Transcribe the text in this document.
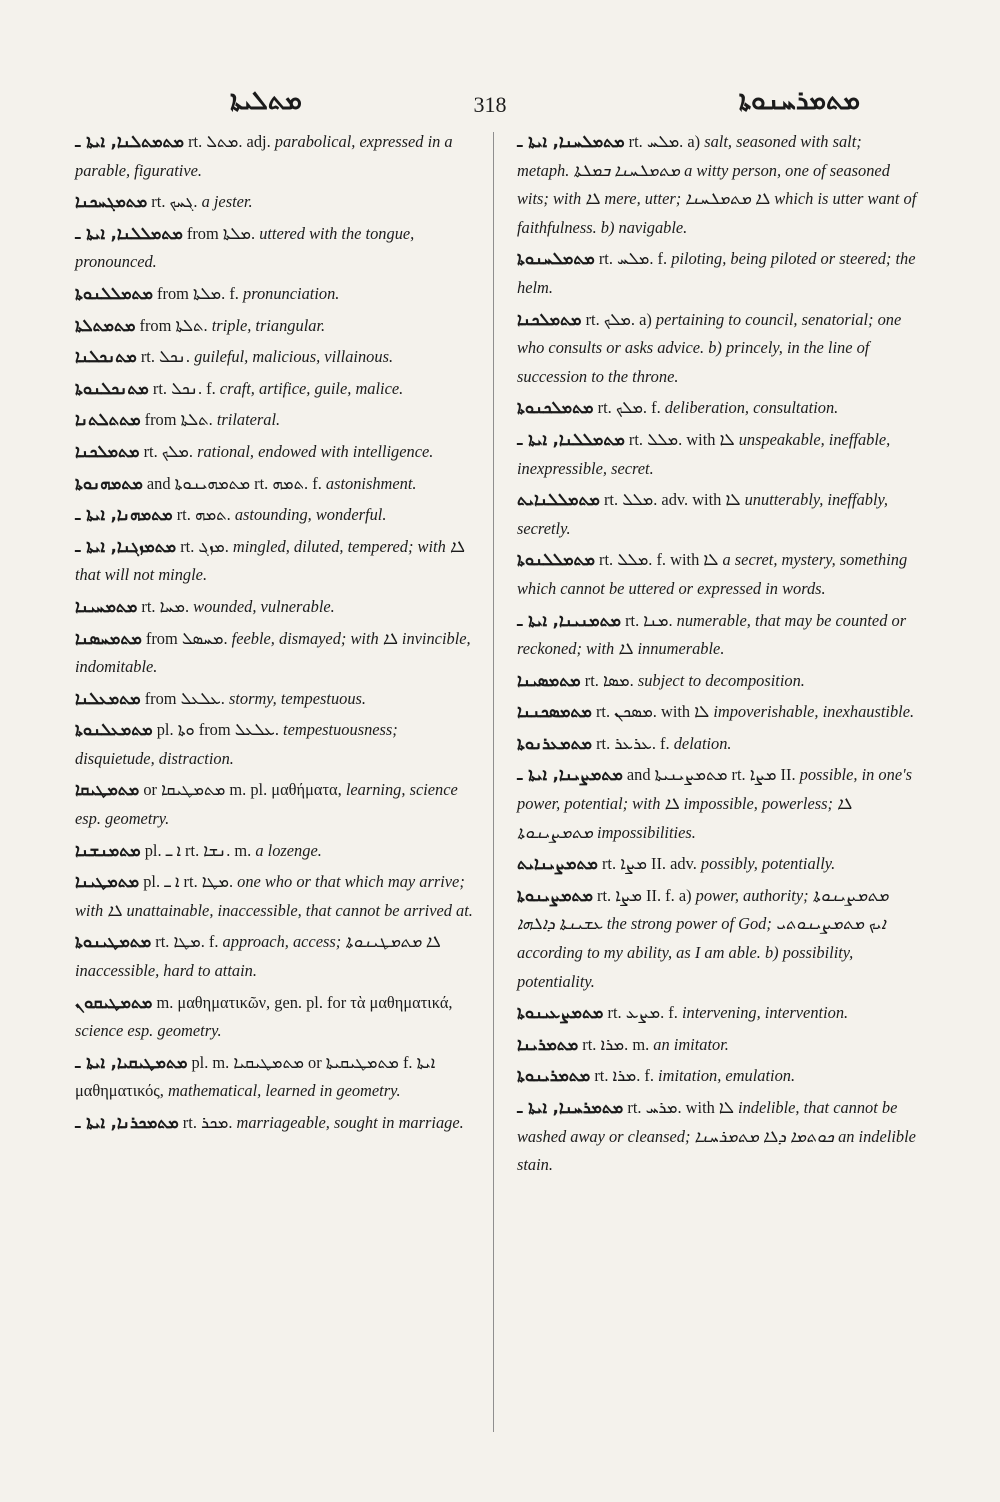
ܡܬܠܝܬܐ	318	ܡܬܡܪܚܢܘܬܐ

ܡܬܡܬܠܢܐ, ܐܝܬܐ ـ rt. ܡܬܠ. adj. parabolical, expressed in a parable, figurative.

ܡܬܡܓܚܟܢܐ rt. ܓܚܟ. a jester.

ܡܬܡܠܠܢܐ, ܐܝܬܐ ـ from ܡܠܬܐ. uttered with the tongue, pronounced.

ܡܬܡܠܠܢܘܬܐ from ܡܠܬܐ. f. pronunciation.

ܡܬܡܬܠܬܐ from ܬܠܬܐ. triple, triangular.

ܡܬܢܟܠܢܐ rt. ܢܟܠ. guileful, malicious, villainous.

ܡܬܢܟܠܢܘܬܐ rt. ܢܟܠ. f. craft, artifice, guile, malice.

ܡܬܬܠܬܢܐ from ܬܠܬܐ. trilateral.

ܡܬܡܠܟܢܐ rt. ܡܠܟ. rational, endowed with intelligence.

ܡܬܡܗܢܘܬܐ and ܡܬܡܗܝܢܘܬܐ rt. ܬܡܗ. f. astonishment.

ܡܬܡܗܢܐ, ܐܝܬܐ ـ rt. ܬܡܗ. astounding, wonderful.

ܡܬܡܙܓܢܐ, ܐܝܬܐ ـ rt. ܡܙܓ. mingled, diluted, tempered; with ܠܐ that will not mingle.

ܡܬܡܚܝܢܐ rt. ܡܚܐ. wounded, vulnerable.

ܡܬܡܚܣܢܐ from ܡܚܣܠ. feeble, dismayed; with ܠܐ invincible, indomitable.

ܡܬܡܥܠܢܐ from ܥܠܥܠ. stormy, tempestuous.

ܡܬܡܥܠܢܘܬܐ pl. ܘܬܐ from ܥܠܥܠ. tempestuousness; disquietude, distraction.

ܡܬܡܛܝܩܐ or ܡܬܡܛܝܩܐ m. pl. μαθήματα, learning, science esp. geometry.

ܡܬܡܢܫܢܐ pl. ܐ ـ rt. ܢܫܐ. m. a lozenge.

ܡܬܡܛܝܢܐ pl. ܐ ـ rt. ܡܛܐ. one who or that which may arrive; with ܠܐ unattainable, inaccessible, that cannot be arrived at.

ܡܬܡܛܝܢܘܬܐ rt. ܡܛܐ. f. approach, access; ܠܐ ܡܬܡܛܝܢܘܬܐ inaccessible, hard to attain.

ܡܬܡܛܝܩܘܢ m. μαθηματικῶν, gen. pl. for τὰ μαθηματικά, science esp. geometry.

ܡܬܡܛܝܩܝܐ, ܐܝܬܐ ـ pl. m. ܡܬܡܛܝܩܝܐ or ܡܬܡܛܝܩܝܬܐ f. ܐܝܬܐ μαθηματικός, mathematical, learned in geometry.

ܡܬܡܟܪܢܐ, ܐܝܬܐ ـ rt. ܡܟܪ. marriageable, sought in marriage.

ܡܬܡܠܚܢܐ, ܐܝܬܐ ـ rt. ܡܠܚ. a) salt, seasoned with salt; metaph. ܡܬܡܠܚܢܐ ܒܡܠܬܐ a witty person, one of seasoned wits; with ܠܐ mere, utter; ܠܐ ܡܬܡܠܚܢܐ which is utter want of faithfulness. b) navigable.

ܡܬܡܠܚܢܘܬܐ rt. ܡܠܚ. f. piloting, being piloted or steered; the helm.

ܡܬܡܠܟܢܐ rt. ܡܠܟ. a) pertaining to council, senatorial; one who consults or asks advice. b) princely, in the line of succession to the throne.

ܡܬܡܠܟܢܘܬܐ rt. ܡܠܟ. f. deliberation, consultation.

ܡܬܡܠܠܢܐ, ܐܝܬܐ ـ rt. ܡܠܠ. with ܠܐ unspeakable, ineffable, inexpressible, secret.

ܡܬܡܠܠܢܐܝܬ rt. ܡܠܠ. adv. with ܠܐ unutterably, ineffably, secretly.

ܡܬܡܠܠܢܘܬܐ rt. ܡܠܠ. f. with ܠܐ a secret, mystery, something which cannot be uttered or expressed in words.

ܡܬܡܢܝܢܐ, ܐܝܬܐ ـ rt. ܡܢܐ. numerable, that may be counted or reckoned; with ܠܐ innumerable.

ܡܬܡܣܝܢܐ rt. ܡܣܐ. subject to decomposition.

ܡܬܡܣܟܢܢܐ rt. ܡܣܟܢ. with ܠܐ impoverishable, inexhaustible.

ܡܬܡܥܪܢܘܬܐ rt. ܥܪܥܪ. f. delation.

ܡܬܡܨܝܢܐ, ܐܝܬܐ ـ and ܡܬܡܨܝܢܝܬܐ rt. ܡܨܐ II. possible, in one's power, potential; with ܠܐ impossible, powerless; ܠܐ ܡܬܡܨܝܢܘܬܐ impossibilities.

ܡܬܡܨܝܢܐܝܬ rt. ܡܨܐ II. adv. possibly, potentially.

ܡܬܡܨܝܢܘܬܐ rt. ܡܨܐ II. f. a) power, authority; ܡܬܡܨܝܢܘܬܐ ܥܫܝܢܬܐ ܕܐܠܗܐ the strong power of God; ܐܝܟ ܡܬܡܨܝܢܘܬܝ according to my ability, as I am able. b) possibility, potentiality.

ܡܬܡܨܥܝܢܘܬܐ rt. ܡܨܥ. f. intervening, intervention.

ܡܬܡܪܝܢܐ rt. ܡܪܐ. m. an imitator.

ܡܬܡܪܝܢܘܬܐ rt. ܡܪܐ. f. imitation, emulation.

ܡܬܡܪܚܢܐ, ܐܝܬܐ ـ rt. ܡܪܚ. with ܠܐ indelible, that cannot be washed away or cleansed; ܟܘܬܡܐ ܕܠܐ ܡܬܡܪܚܢܐ an indelible stain.
